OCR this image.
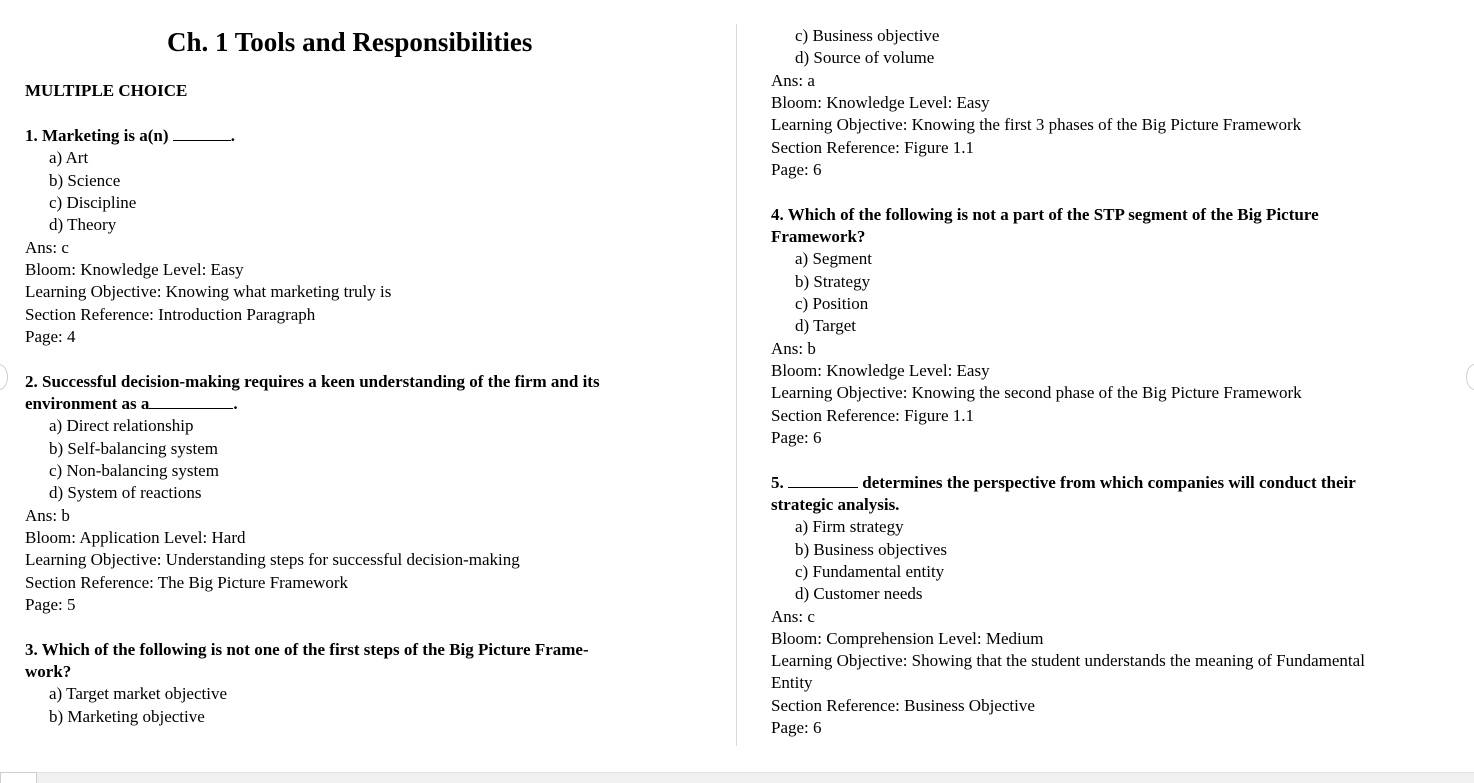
Ch. 1 Tools and Responsibilities
MULTIPLE CHOICE
1. Marketing is a(n)	.
a) Art
b) Science
c) Discipline
d) Theory
Ans: c
Bloom: Knowledge Level: Easy
Learning Objective: Knowing what marketing truly is
Section Reference: Introduction Paragraph
Page: 4
2. Successful decision-making requires a keen understanding of the firm and its
environment as a	.
a) Direct relationship
b) Self-balancing system
c) Non-balancing system
d) System of reactions
Ans: b
Bloom: Application Level: Hard
Learning Objective: Understanding steps for successful decision-making
Section Reference: The Big Picture Framework
Page: 5
3. Which of the following is not one of the first steps of the Big Picture Frame-
work?
a) Target market objective
b) Marketing objective
c) Business objective
d) Source of volume
Ans: a
Bloom: Knowledge Level: Easy
Learning Objective: Knowing the first 3 phases of the Big Picture Framework
Section Reference: Figure 1.1
Page: 6
4. Which of the following is not a part of the STP segment of the Big Picture
Framework?
a) Segment
b) Strategy
c) Position
d) Target
Ans: b
Bloom: Knowledge Level: Easy
Learning Objective: Knowing the second phase of the Big Picture Framework
Section Reference: Figure 1.1
Page: 6
5.	determines the perspective from which companies will conduct their
strategic analysis.
a) Firm strategy
b) Business objectives
c) Fundamental entity
d) Customer needs
Ans: c
Bloom: Comprehension Level: Medium
Learning Objective: Showing that the student understands the meaning of Fundamental
Entity
Section Reference: Business Objective
Page: 6
